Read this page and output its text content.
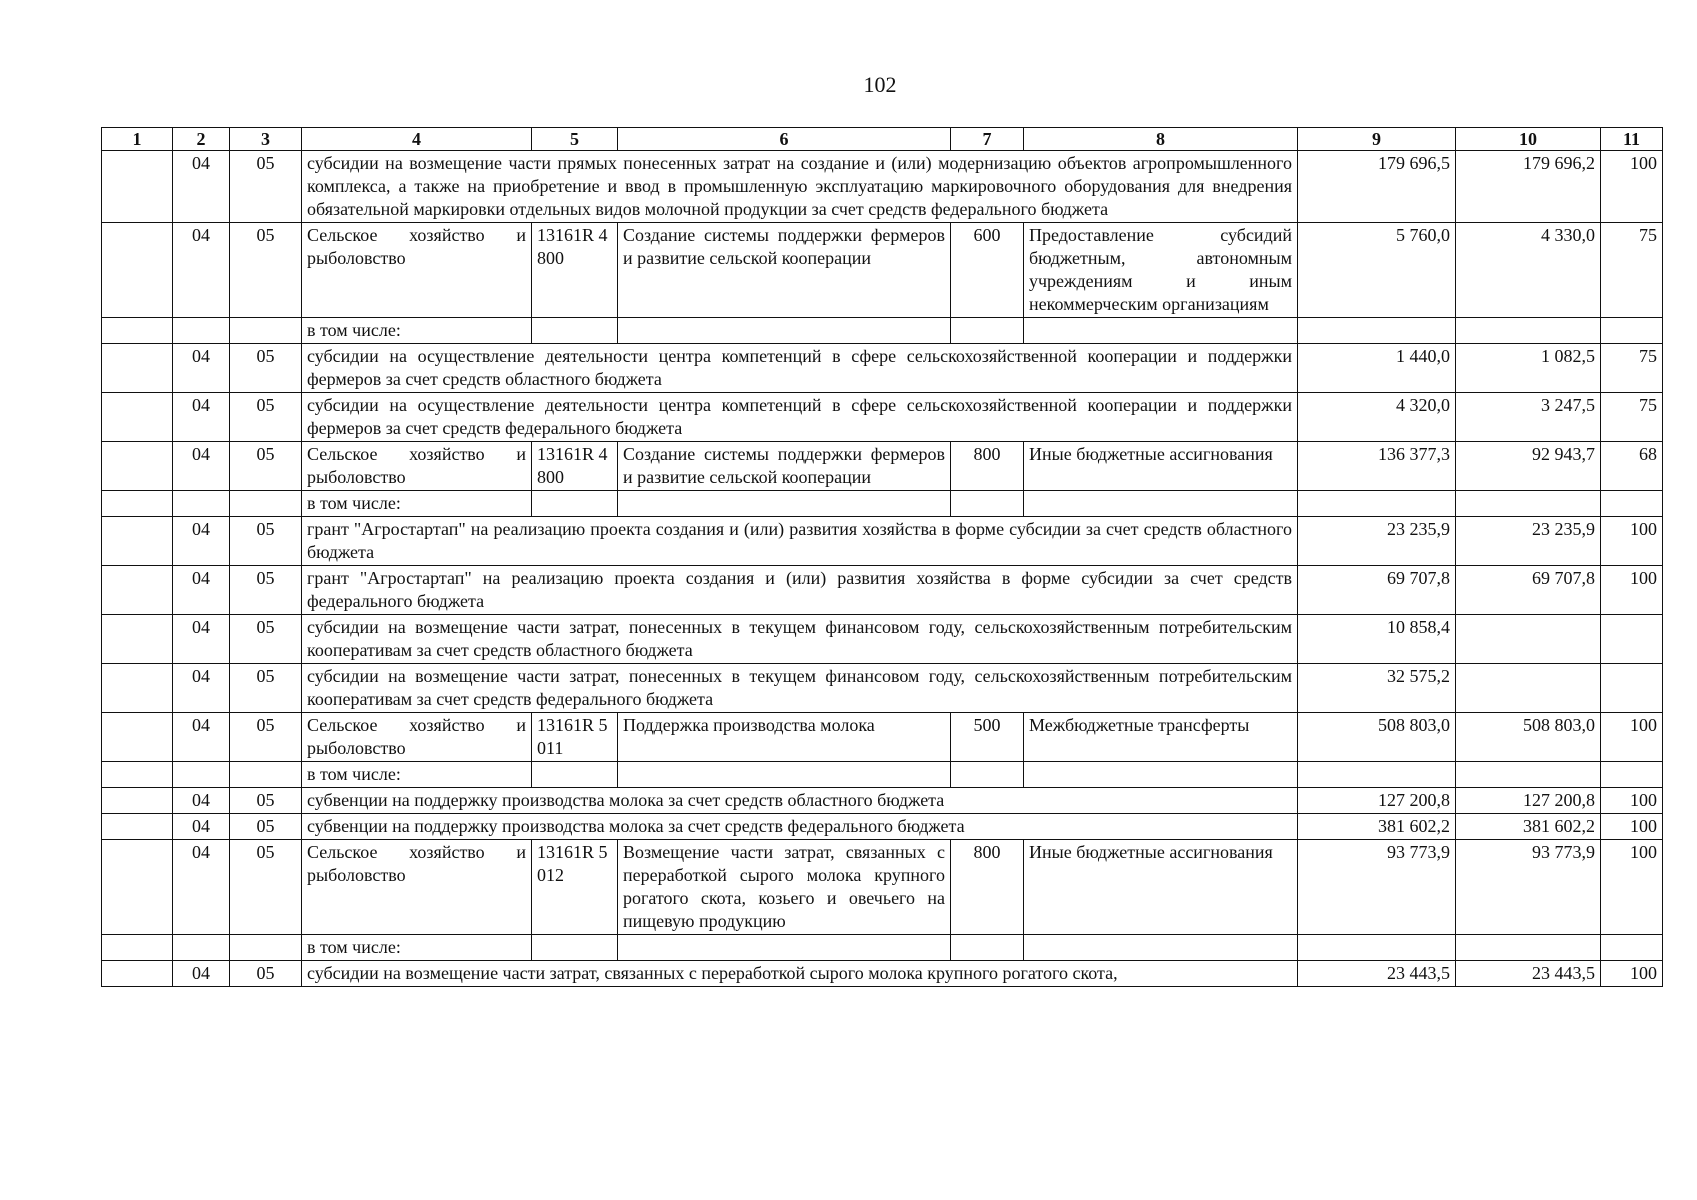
102
1	2	3	4	5	6	7	8	9	10	11
	04	05	субсидии на возмещение части прямых понесенных затрат на создание и (или) модернизацию объектов агропромышленного комплекса, а также на приобретение и ввод в промышленную эксплуатацию маркировочного оборудования для внедрения обязательной маркировки отдельных видов молочной продукции за счет средств федерального бюджета					179 696,5	179 696,2	100
	04	05	Сельское хозяйство и рыболовство	13161R 4800	Создание системы поддержки фермеров и развитие сельской кооперации	600	Предоставление субсидий бюджетным, автономным учреждениям и иным некоммерческим организациям	5 760,0	4 330,0	75
			в том числе:							
	04	05	субсидии на осуществление деятельности центра компетенций в сфере сельскохозяйственной кооперации и поддержки фермеров за счет средств областного бюджета					1 440,0	1 082,5	75
	04	05	субсидии на осуществление деятельности центра компетенций в сфере сельскохозяйственной кооперации и поддержки фермеров за счет средств федерального бюджета					4 320,0	3 247,5	75
	04	05	Сельское хозяйство и рыболовство	13161R 4800	Создание системы поддержки фермеров и развитие сельской кооперации	800	Иные бюджетные ассигнования	136 377,3	92 943,7	68
			в том числе:							
	04	05	грант "Агростартап" на реализацию проекта создания и (или) развития хозяйства в форме субсидии за счет средств областного бюджета					23 235,9	23 235,9	100
	04	05	грант "Агростартап" на реализацию проекта создания и (или) развития хозяйства в форме субсидии за счет средств федерального бюджета					69 707,8	69 707,8	100
	04	05	субсидии на возмещение части затрат, понесенных в текущем финансовом году, сельскохозяйственным потребительским кооперативам за счет средств областного бюджета					10 858,4		
	04	05	субсидии на возмещение части затрат, понесенных в текущем финансовом году, сельскохозяйственным потребительским кооперативам за счет средств федерального бюджета					32 575,2		
	04	05	Сельское хозяйство и рыболовство	13161R 5011	Поддержка производства молока	500	Межбюджетные трансферты	508 803,0	508 803,0	100
			в том числе:							
	04	05	субвенции на поддержку производства молока за счет средств областного бюджета					127 200,8	127 200,8	100
	04	05	субвенции на поддержку производства молока за счет средств федерального бюджета					381 602,2	381 602,2	100
	04	05	Сельское хозяйство и рыболовство	13161R 5012	Возмещение части затрат, связанных с переработкой сырого молока крупного рогатого скота, козьего и овечьего на пищевую продукцию	800	Иные бюджетные ассигнования	93 773,9	93 773,9	100
			в том числе:							
	04	05	субсидии на возмещение части затрат, связанных с переработкой сырого молока крупного рогатого скота,					23 443,5	23 443,5	100
